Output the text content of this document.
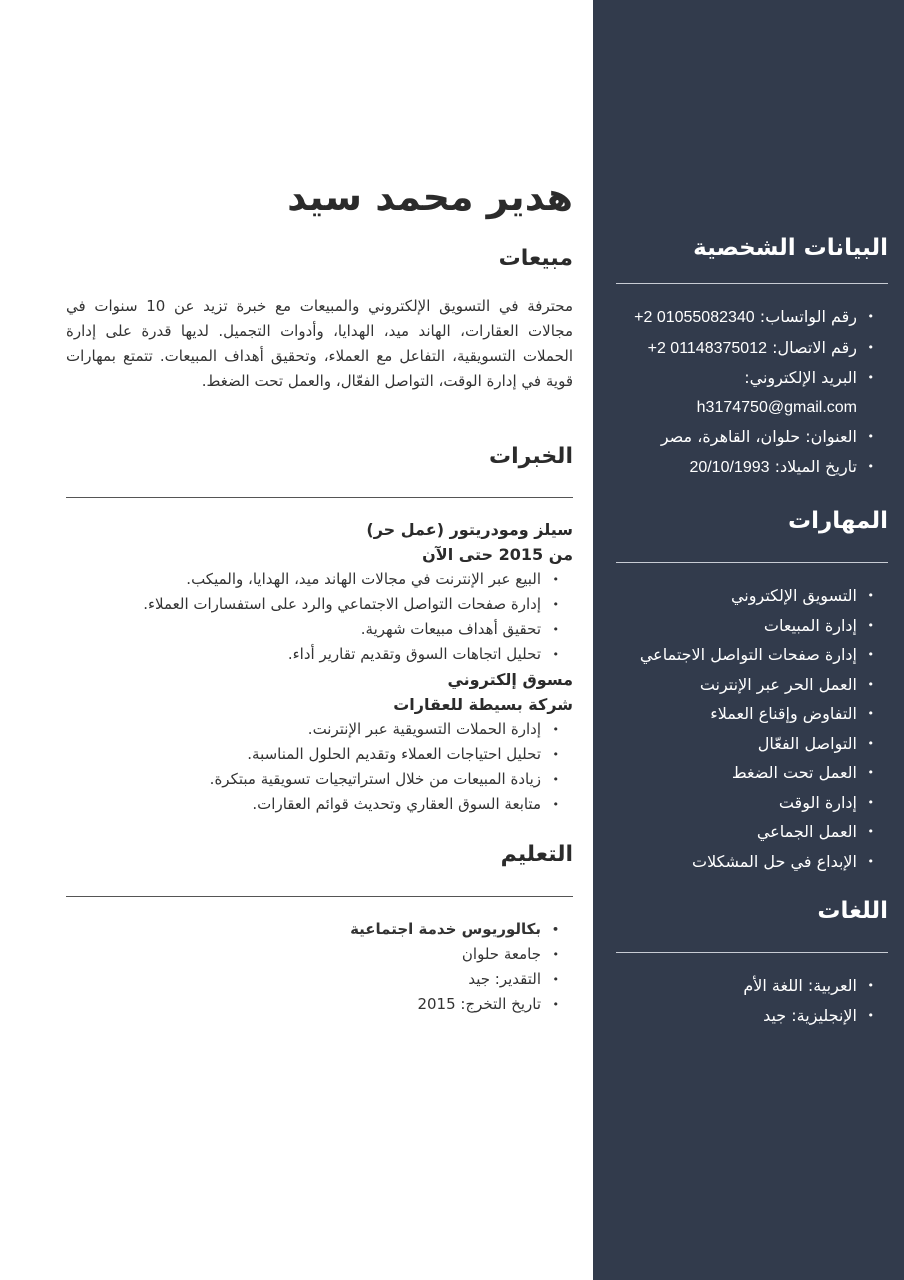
البيانات الشخصية
• رقم الواتساب: +2 01055082340
• رقم الاتصال: +2 01148375012
• البريد الإلكتروني:
h3174750@gmail.com
• العنوان: حلوان، القاهرة، مصر
• تاريخ الميلاد: 20/10/1993
المهارات
• التسويق الإلكتروني
• إدارة المبيعات
• إدارة صفحات التواصل الاجتماعي
• العمل الحر عبر الإنترنت
• التفاوض وإقناع العملاء
• التواصل الفعّال
• العمل تحت الضغط
• إدارة الوقت
• العمل الجماعي
• الإبداع في حل المشكلات
اللغات
• العربية: اللغة الأم
• الإنجليزية: جيد
هدير محمد سيد
مبيعات

محترفة في التسويق الإلكتروني والمبيعات مع خبرة تزيد عن 10 سنوات في مجالات العقارات، الهاند ميد، الهدايا، وأدوات التجميل. لديها قدرة على إدارة الحملات التسويقية، التفاعل مع العملاء، وتحقيق أهداف المبيعات. تتمتع بمهارات قوية في إدارة الوقت، التواصل الفعّال، والعمل تحت الضغط.

الخبرات

سيلز ومودريتور (عمل حر)

من 2015 حتى الآن

• البيع عبر الإنترنت في مجالات الهاند ميد، الهدايا، والميكب.
• إدارة صفحات التواصل الاجتماعي والرد على استفسارات العملاء.
• تحقيق أهداف مبيعات شهرية.
• تحليل اتجاهات السوق وتقديم تقارير أداء.

مسوق إلكتروني

شركة بسيطة للعقارات

• إدارة الحملات التسويقية عبر الإنترنت.
• تحليل احتياجات العملاء وتقديم الحلول المناسبة.
• زيادة المبيعات من خلال استراتيجيات تسويقية مبتكرة.
• متابعة السوق العقاري وتحديث قوائم العقارات.
التعليم
• بكالوريوس خدمة اجتماعية
• جامعة حلوان
• التقدير: جيد
• تاريخ التخرج: 2015
